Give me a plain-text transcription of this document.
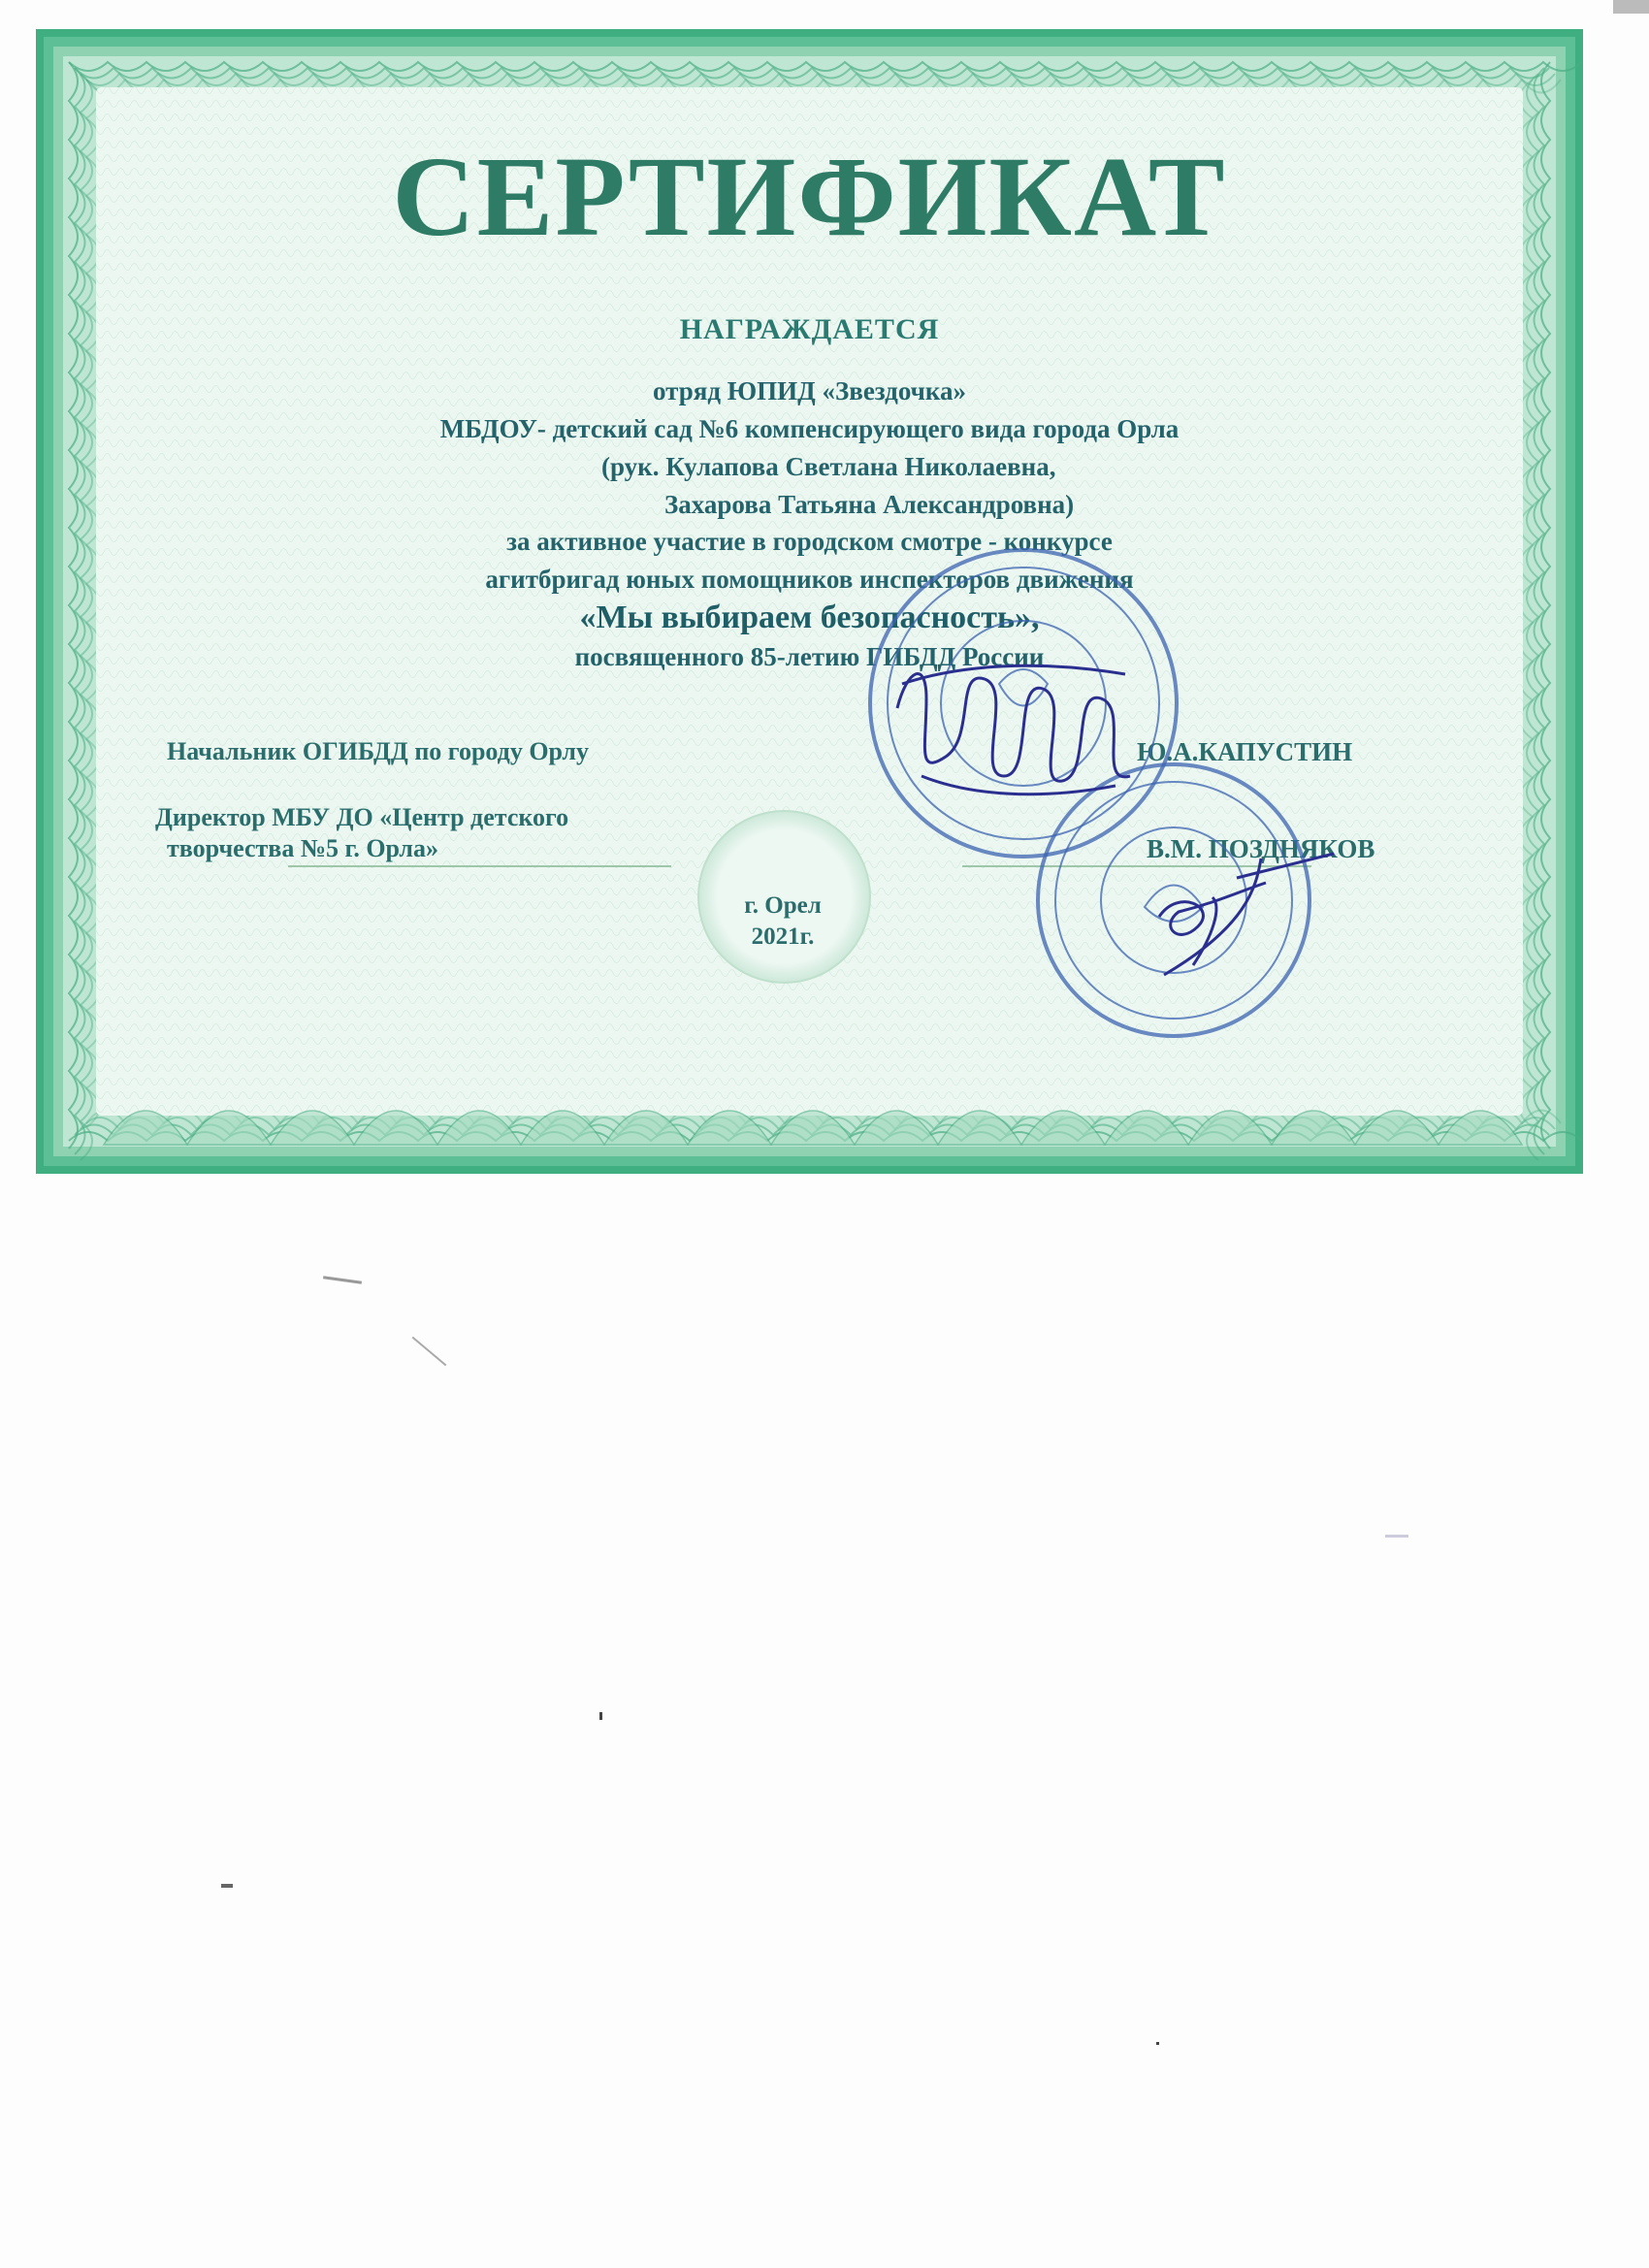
СЕРТИФИКАТ
НАГРАЖДАЕТСЯ
отряд ЮПИД «Звездочка»
МБДОУ- детский сад №6 компенсирующего вида города Орла
(рук. Кулапова Светлана Николаевна,
Захарова Татьяна Александровна)
за активное участие в городском смотре - конкурсе
агитбригад юных помощников инспекторов движения
«Мы выбираем безопасность»,
посвященного 85-летию ГИБДД России
Начальник ОГИБДД по городу Орлу	Ю.А.КАПУСТИН
Директор МБУ ДО «Центр детского
творчества №5 г. Орла»	В.М. ПОЗДНЯКОВ
г. Орел
2021г.
